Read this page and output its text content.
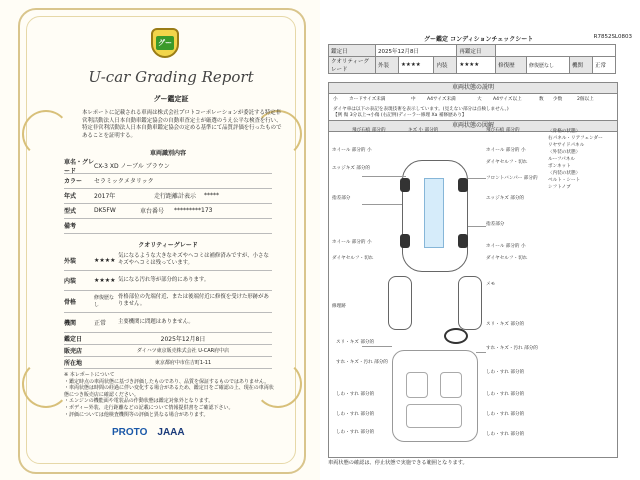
グー
U-car Grading Report
グー鑑定証
本レポートに記載される車両は株式会社プロトコーポレーションが委託する特定非営利活動法人日本自動車鑑定協会の自動車査定士が厳選のうえ公平な検査を行い、特定非営利活動法人日本自動車鑑定協会の定める基準にて品質評価を行ったものであることを証明する。
車両識別内容
車名・グレード
CX-3 XD ノーブル ブラウン
カラー	セラミックメタリック
年式	2017年	走行距離計表示	*****
型式	DK5FW	車台番号	*********173
備考
クオリティーグレード
外装	★★★★
気になるような大きなキズやヘコミは補修済みですが、小さなキズやヘコミは残っています。
内装	★★★★ 気になる汚れ等が部分的にあります。
骨格
修復歴なし
骨格部位の先端付近、または後端付近に修復を受けた形跡がありません。
機関	正常	主要機関に問題はありません。
鑑定日	2025年12月8日
販売店	ダイハツ東京販売株式会社 U-CAR府中店
所在地	東京都府中市住吉町1-11
※ 本レポートについて
・鑑定時点の車両状態に基づき評価したものであり、品質を保証するものではありません。
・車両状態は時間の経過に伴い変化する場合があるため、鑑定日をご確認の上、現在の車両状態につき販売店に確認ください。
・エンジンの機能面や電装品の作動状態は鑑定対象外となります。
・ボディー外装、走行距離などの記載について情報提供書をご確認下さい。
・評価については他検査機関等の評価と異なる場合があります。
PROTO JAAA
グー鑑定 コンディションチェックシート	R7852SL0803
鑑定日	2025年12月8日			再鑑定日				
クオリティーグレード	外装	★★★★	内装	★★★★	修復歴	修復歴なし	機関	正常
車両状態の説明
小 カードサイズ未満	中 A4サイズ未満	大 A4サイズ以上	数 少数	2個以上
ダイヤ車は以下の表記を表現技術を表示しています。(見えない部分は点検しません。)
【例 傷 3分以上→小傷 (右記例)ディーラー修理 Xa 補修歴あり】
車両状態の図解
飛び石痕 部分的	キズ 小 部分的
ホイール 部分的 小
エッジキズ 部分的
指差部分
ホイール 部分的 小
ダイヤセルフ・切れ
修理跡
飛び石痕 部分的
ホイール 部分的 小
ダイヤセルフ・切れ
フロントバンパー 部分的
エッジキズ 部分的
指差部分
ホイール 部分的 小
ダイヤセルフ・切れ
メモ
スリ・キズ 部分的
すれ・キズ・汚れ 部分的
しわ・すれ 部分的
しわ・すれ 部分的
しわ・すれ 部分的
スリ・キズ 部分的
すれ・キズ・汚れ 部分的
しわ・すれ 部分的
しわ・すれ 部分的
しわ・すれ 部分的
しわ・すれ 部分的
〈骨格の状態〉
右パネル・リアフェンダー
リヤサイドパネル
〈外装の状態〉
ルーフパネル
ボンネット
〈内装の状態〉
ベルト・シート
シフトノブ
車両状態の確認は、停止状態で実施できる範囲となります。
